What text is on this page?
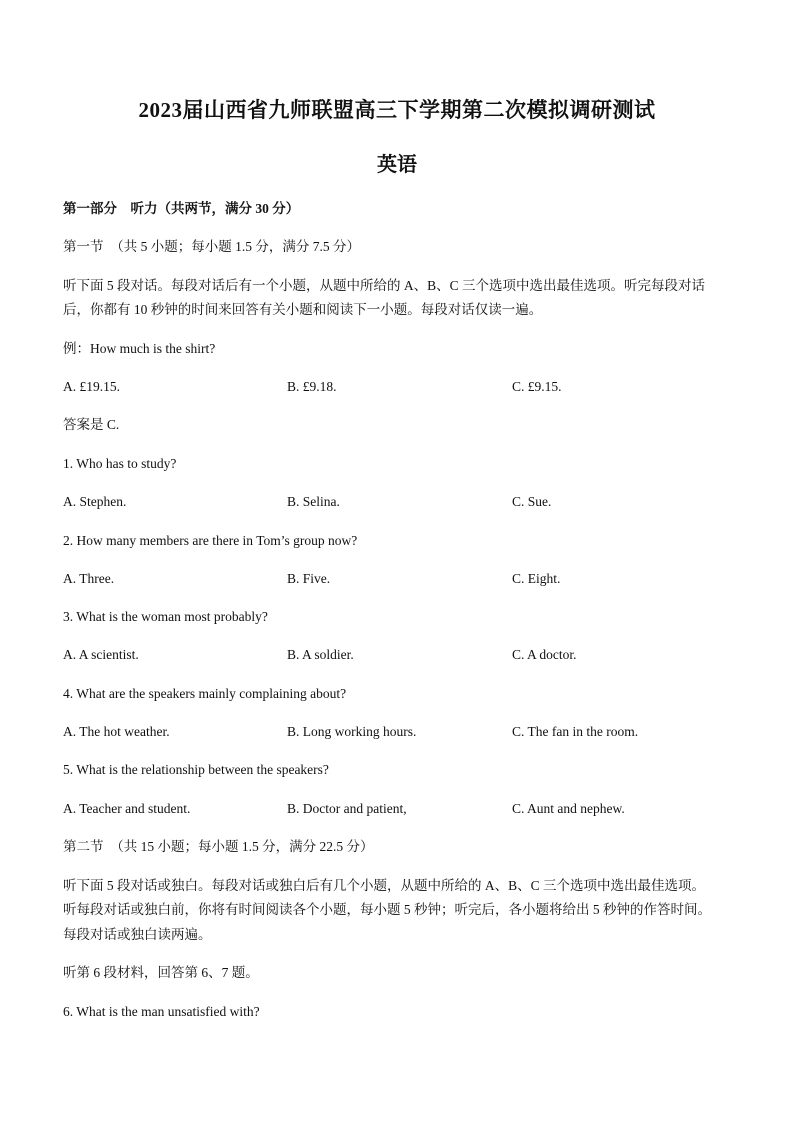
2023届山西省九师联盟高三下学期第二次模拟调研测试
英语
第一部分　听力（共两节，满分 30 分）
第一节　（共 5 小题；每小题 1.5 分，满分 7.5 分）
听下面 5 段对话。每段对话后有一个小题，从题中所给的 A、B、C 三个选项中选出最佳选项。听完每段对话
后，你都有 10 秒钟的时间来回答有关小题和阅读下一小题。每段对话仅读一遍。
例：How much is the shirt?
A. £19.15.	B. £9.18.	C. £9.15.
答案是 C.
1. Who has to study?
A. Stephen.	B. Selina.	C. Sue.
2. How many members are there in Tom’s group now?
A. Three.	B. Five.	C. Eight.
3. What is the woman most probably?
A. A scientist.	B. A soldier.	C. A doctor.
4. What are the speakers mainly complaining about?
A. The hot weather.	B. Long working hours.	C. The fan in the room.
5. What is the relationship between the speakers?
A. Teacher and student.	B. Doctor and patient,	C. Aunt and nephew.
第二节　（共 15 小题；每小题 1.5 分，满分 22.5 分）
听下面 5 段对话或独白。每段对话或独白后有几个小题，从题中所给的 A、B、C 三个选项中选出最佳选项。
听每段对话或独白前，你将有时间阅读各个小题，每小题 5 秒钟；听完后，各小题将给出 5 秒钟的作答时间。
每段对话或独白读两遍。
听第 6 段材料，回答第 6、7 题。
6. What is the man unsatisfied with?
